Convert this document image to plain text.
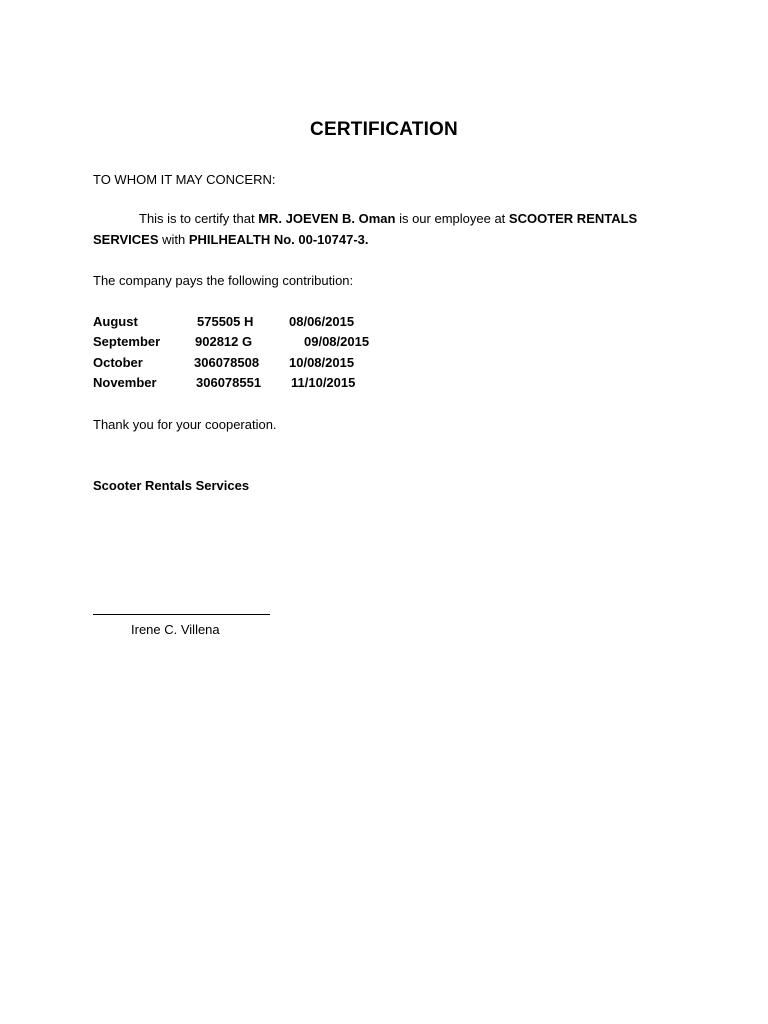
CERTIFICATION
TO WHOM IT MAY CONCERN:
This is to certify that MR. JOEVEN B. Oman is our employee at SCOOTER RENTALS
SERVICES with PHILHEALTH No. 00-10747-3.
The company pays the following contribution:
August	575505 H	08/06/2015
September	902812 G	09/08/2015
October	306078508 10/08/2015
November	306078551 11/10/2015
Thank you for your cooperation.
Scooter Rentals Services
Irene C. Villena
